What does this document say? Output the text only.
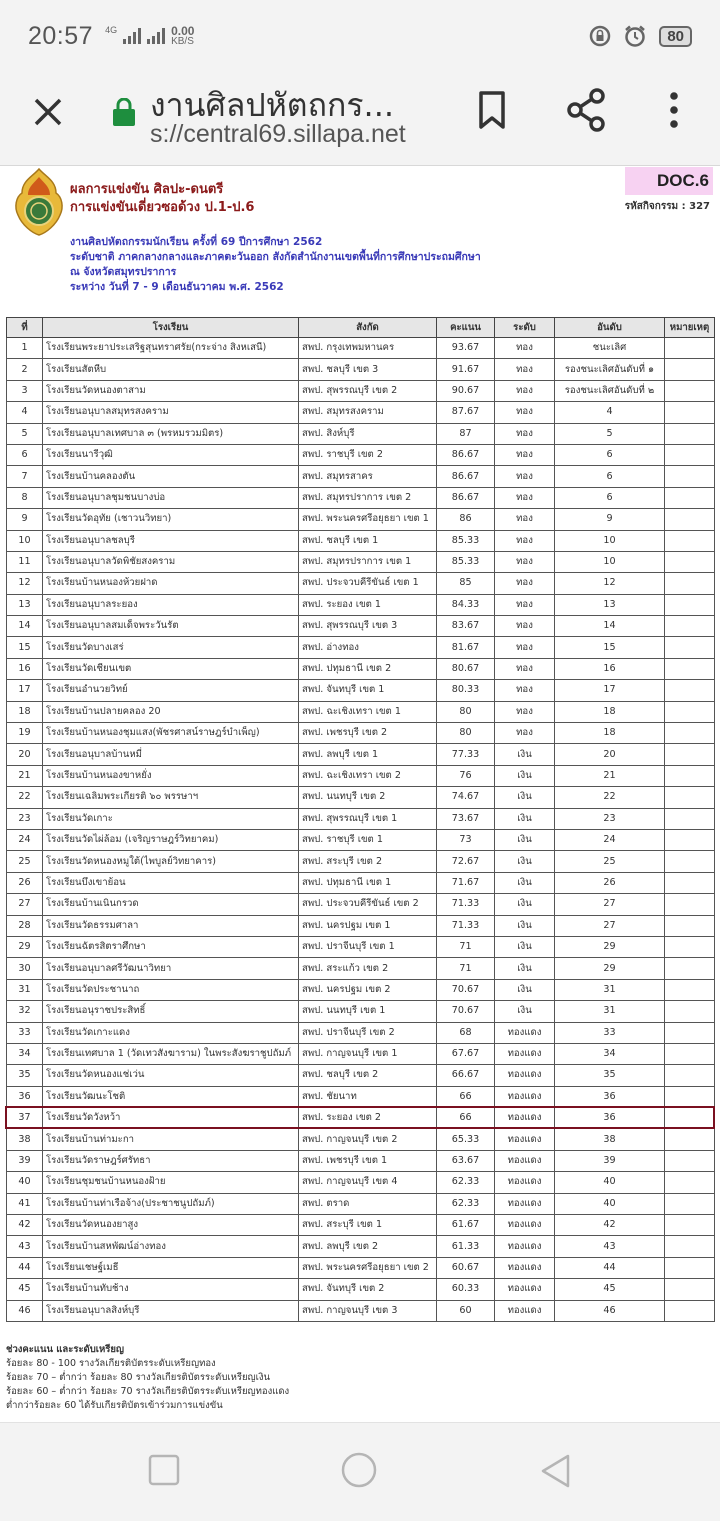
20:57 4G	0.00
KB/S	80
งานศิลปหัตถกร...
s://central69.sillapa.net
ผลการแข่งขัน ศิลปะ-ดนตรี
การแข่งขันเดี่ยวซอด้วง ป.1-ป.6
DOC.6
รหัสกิจกรรม : 327
งานศิลปหัตถกรรมนักเรียน ครั้งที่ 69 ปีการศึกษา 2562
ระดับชาติ ภาคกลางกลางและภาคตะวันออก สังกัดสำนักงานเขตพื้นที่การศึกษาประถมศึกษา
ณ จังหวัดสมุทรปราการ
ระหว่าง วันที่ 7 - 9 เดือนธันวาคม พ.ศ. 2562
ที่	โรงเรียน	สังกัด	คะแนน	ระดับ	อันดับ	หมายเหตุ
1	โรงเรียนพระยาประเสริฐสุนทราศรัย(กระจ่าง สิงหเสนี)	สพป. กรุงเทพมหานคร	93.67	ทอง	ชนะเลิศ	
2	โรงเรียนสัตหีบ	สพป. ชลบุรี เขต 3	91.67	ทอง	รองชนะเลิศอันดับที่ ๑	
3	โรงเรียนวัดหนองตาสาม	สพป. สุพรรณบุรี เขต 2	90.67	ทอง	รองชนะเลิศอันดับที่ ๒	
4	โรงเรียนอนุบาลสมุทรสงคราม	สพป. สมุทรสงคราม	87.67	ทอง	4	
5	โรงเรียนอนุบาลเทศบาล ๓ (พรหมรวมมิตร)	สพป. สิงห์บุรี	87	ทอง	5	
6	โรงเรียนนารีวุฒิ	สพป. ราชบุรี เขต 2	86.67	ทอง	6	
7	โรงเรียนบ้านคลองตัน	สพป. สมุทรสาคร	86.67	ทอง	6	
8	โรงเรียนอนุบาลชุมชนบางบ่อ	สพป. สมุทรปราการ เขต 2	86.67	ทอง	6	
9	โรงเรียนวัดอุทัย (เชาวนวิทยา)	สพป. พระนครศรีอยุธยา เขต 1	86	ทอง	9	
10	โรงเรียนอนุบาลชลบุรี	สพป. ชลบุรี เขต 1	85.33	ทอง	10	
11	โรงเรียนอนุบาลวัดพิชัยสงคราม	สพป. สมุทรปราการ เขต 1	85.33	ทอง	10	
12	โรงเรียนบ้านหนองห้วยฝาด	สพป. ประจวบคีรีขันธ์ เขต 1	85	ทอง	12	
13	โรงเรียนอนุบาลระยอง	สพป. ระยอง เขต 1	84.33	ทอง	13	
14	โรงเรียนอนุบาลสมเด็จพระวันรัต	สพป. สุพรรณบุรี เขต 3	83.67	ทอง	14	
15	โรงเรียนวัดบางเสร่	สพป. อ่างทอง	81.67	ทอง	15	
16	โรงเรียนวัดเชียนเขต	สพป. ปทุมธานี เขต 2	80.67	ทอง	16	
17	โรงเรียนอำนวยวิทย์	สพป. จันทบุรี เขต 1	80.33	ทอง	17	
18	โรงเรียนบ้านปลายคลอง 20	สพป. ฉะเชิงเทรา เขต 1	80	ทอง	18	
19	โรงเรียนบ้านหนองชุมแสง(พัชรศาสน์ราษฎร์บำเพ็ญ)	สพป. เพชรบุรี เขต 2	80	ทอง	18	
20	โรงเรียนอนุบาลบ้านหมี่	สพป. ลพบุรี เขต 1	77.33	เงิน	20	
21	โรงเรียนบ้านหนองขาหยั่ง	สพป. ฉะเชิงเทรา เขต 2	76	เงิน	21	
22	โรงเรียนเฉลิมพระเกียรติ ๖๐ พรรษาฯ	สพป. นนทบุรี เขต 2	74.67	เงิน	22	
23	โรงเรียนวัดเกาะ	สพป. สุพรรณบุรี เขต 1	73.67	เงิน	23	
24	โรงเรียนวัดไผ่ล้อม (เจริญราษฎร์วิทยาคม)	สพป. ราชบุรี เขต 1	73	เงิน	24	
25	โรงเรียนวัดหนองหมูใต้(ไพบูลย์วิทยาคาร)	สพป. สระบุรี เขต 2	72.67	เงิน	25	
26	โรงเรียนบึงเขาย้อน	สพป. ปทุมธานี เขต 1	71.67	เงิน	26	
27	โรงเรียนบ้านเนินกรวด	สพป. ประจวบคีรีขันธ์ เขต 2	71.33	เงิน	27	
28	โรงเรียนวัดธรรมศาลา	สพป. นครปฐม เขต 1	71.33	เงิน	27	
29	โรงเรียนฉัตรสิตราศึกษา	สพป. ปราจีนบุรี เขต 1	71	เงิน	29	
30	โรงเรียนอนุบาลศรีวัฒนาวิทยา	สพป. สระแก้ว เขต 2	71	เงิน	29	
31	โรงเรียนวัดประชานาถ	สพป. นครปฐม เขต 2	70.67	เงิน	31	
32	โรงเรียนอนุราชประสิทธิ์	สพป. นนทบุรี เขต 1	70.67	เงิน	31	
33	โรงเรียนวัดเกาะแดง	สพป. ปราจีนบุรี เขต 2	68	ทองแดง	33	
34	โรงเรียนเทศบาล 1 (วัดเทวสังฆาราม) ในพระสังฆราชูปถัมภ์	สพป. กาญจนบุรี เขต 1	67.67	ทองแดง	34	
35	โรงเรียนวัดหนองแช่เว่น	สพป. ชลบุรี เขต 2	66.67	ทองแดง	35	
36	โรงเรียนวัฒนะโชติ	สพป. ชัยนาท	66	ทองแดง	36	
37	โรงเรียนวัดวังหว้า	สพป. ระยอง เขต 2	66	ทองแดง	36	
38	โรงเรียนบ้านท่ามะกา	สพป. กาญจนบุรี เขต 2	65.33	ทองแดง	38	
39	โรงเรียนวัดราษฎร์ศรัทธา	สพป. เพชรบุรี เขต 1	63.67	ทองแดง	39	
40	โรงเรียนชุมชนบ้านหนองฝ้าย	สพป. กาญจนบุรี เขต 4	62.33	ทองแดง	40	
41	โรงเรียนบ้านท่าเรือจ้าง(ประชาชนูปถัมภ์)	สพป. ตราด	62.33	ทองแดง	40	
42	โรงเรียนวัดหนองยาสูง	สพป. สระบุรี เขต 1	61.67	ทองแดง	42	
43	โรงเรียนบ้านสหพัฒน์อ่างทอง	สพป. ลพบุรี เขต 2	61.33	ทองแดง	43	
44	โรงเรียนเชษฐ์เมธี	สพป. พระนครศรีอยุธยา เขต 2	60.67	ทองแดง	44	
45	โรงเรียนบ้านทับช้าง	สพป. จันทบุรี เขต 2	60.33	ทองแดง	45	
46	โรงเรียนอนุบาลสิงห์บุรี	สพป. กาญจนบุรี เขต 3	60	ทองแดง	46	
ช่วงคะแนน และระดับเหรียญ
ร้อยละ 80 - 100 รางวัลเกียรติบัตรระดับเหรียญทอง
ร้อยละ 70 – ต่ำกว่า ร้อยละ 80 รางวัลเกียรติบัตรระดับเหรียญเงิน
ร้อยละ 60 – ต่ำกว่า ร้อยละ 70 รางวัลเกียรติบัตรระดับเหรียญทองแดง
ต่ำกว่าร้อยละ 60 ได้รับเกียรติบัตรเข้าร่วมการแข่งขัน
